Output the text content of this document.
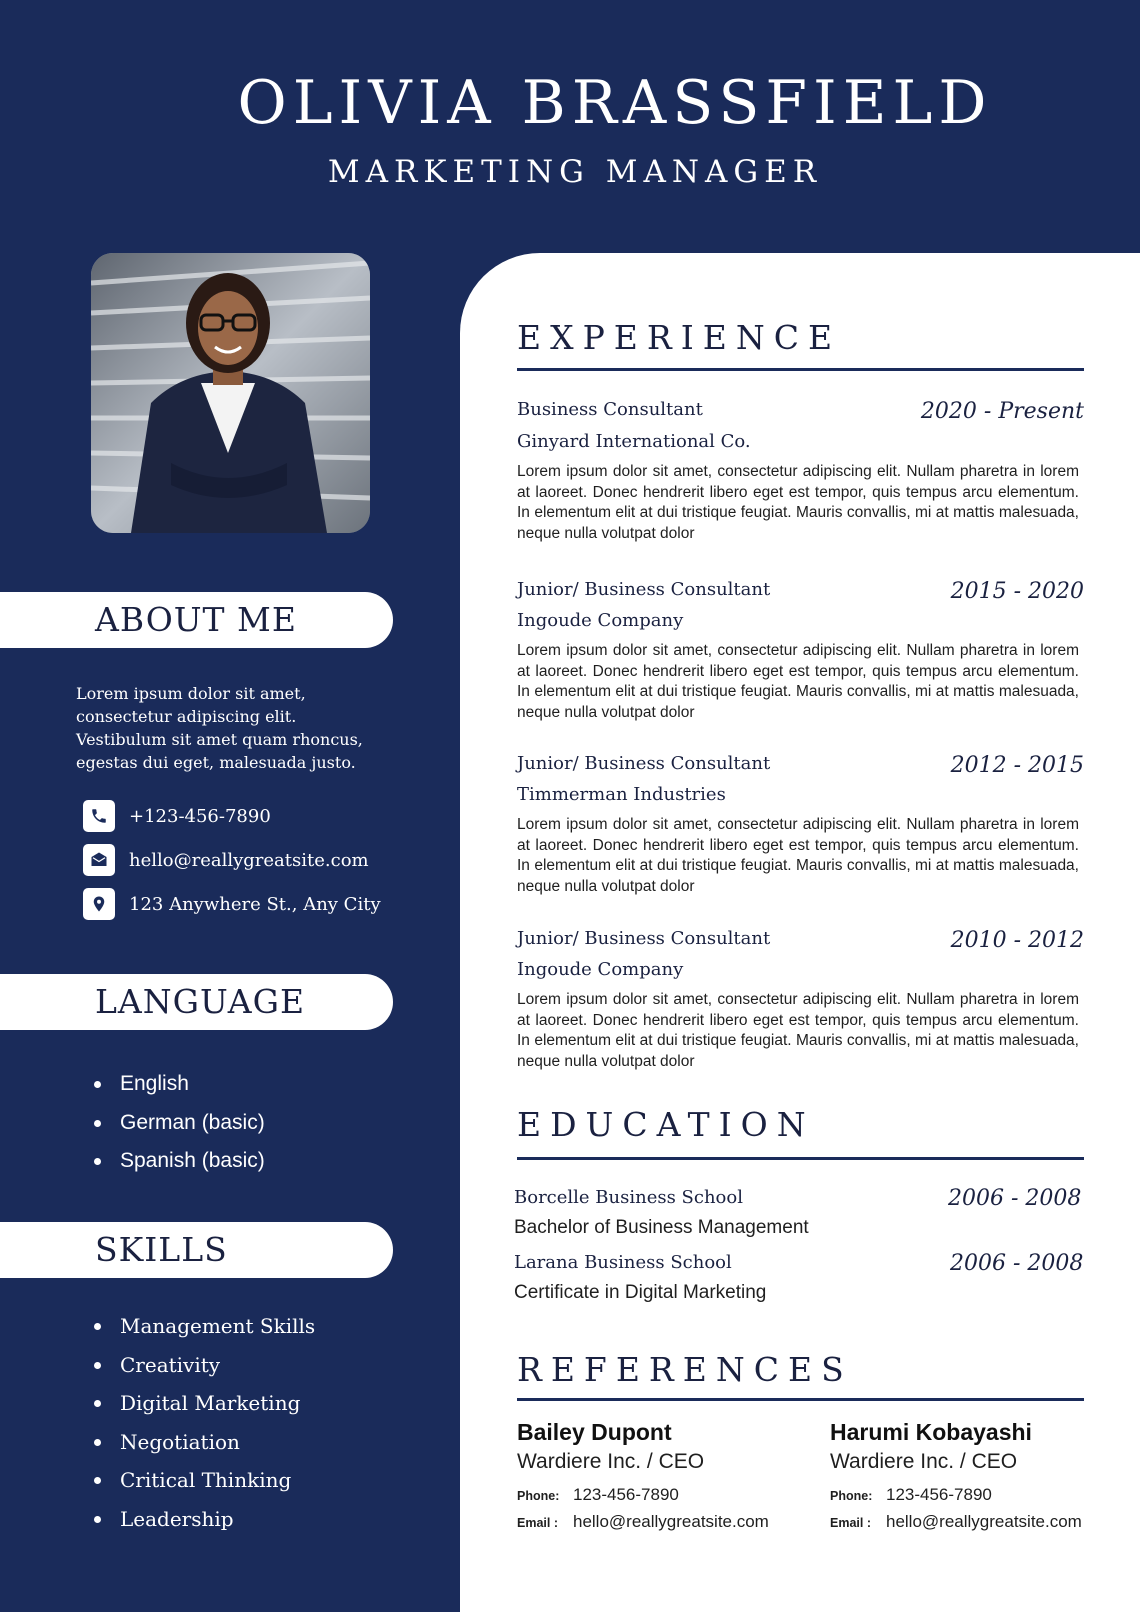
OLIVIA BRASSFIELD
MARKETING MANAGER
ABOUT ME
Lorem ipsum dolor sit amet, consectetur adipiscing elit. Vestibulum sit amet quam rhoncus, egestas dui eget, malesuada justo.
+123-456-7890
hello@reallygreatsite.com
123 Anywhere St., Any City
LANGUAGE
English
German (basic)
Spanish (basic)
SKILLS
Management Skills
Creativity
Digital Marketing
Negotiation
Critical Thinking
Leadership
EXPERIENCE
Business Consultant	2020 - Present
Ginyard International Co.
Lorem ipsum dolor sit amet, consectetur adipiscing elit. Nullam pharetra in lorem at laoreet. Donec hendrerit libero eget est tempor, quis tempus arcu elementum. In elementum elit at dui tristique feugiat. Mauris convallis, mi at mattis malesuada, neque nulla volutpat dolor
Junior/ Business Consultant	2015 - 2020
Ingoude Company
Lorem ipsum dolor sit amet, consectetur adipiscing elit. Nullam pharetra in lorem at laoreet. Donec hendrerit libero eget est tempor, quis tempus arcu elementum. In elementum elit at dui tristique feugiat. Mauris convallis, mi at mattis malesuada, neque nulla volutpat dolor
Junior/ Business Consultant	2012 - 2015
Timmerman Industries
Lorem ipsum dolor sit amet, consectetur adipiscing elit. Nullam pharetra in lorem at laoreet. Donec hendrerit libero eget est tempor, quis tempus arcu elementum. In elementum elit at dui tristique feugiat. Mauris convallis, mi at mattis malesuada, neque nulla volutpat dolor
Junior/ Business Consultant	2010 - 2012
Ingoude Company
Lorem ipsum dolor sit amet, consectetur adipiscing elit. Nullam pharetra in lorem at laoreet. Donec hendrerit libero eget est tempor, quis tempus arcu elementum. In elementum elit at dui tristique feugiat. Mauris convallis, mi at mattis malesuada, neque nulla volutpat dolor
EDUCATION
Borcelle Business School	2006 - 2008
Bachelor of Business Management
Larana Business School	2006 - 2008
Certificate in Digital Marketing
REFERENCES
Bailey Dupont
Wardiere Inc. / CEO
Phone: 123-456-7890
Email : hello@reallygreatsite.com
Harumi Kobayashi
Wardiere Inc. / CEO
Phone: 123-456-7890
Email : hello@reallygreatsite.com
